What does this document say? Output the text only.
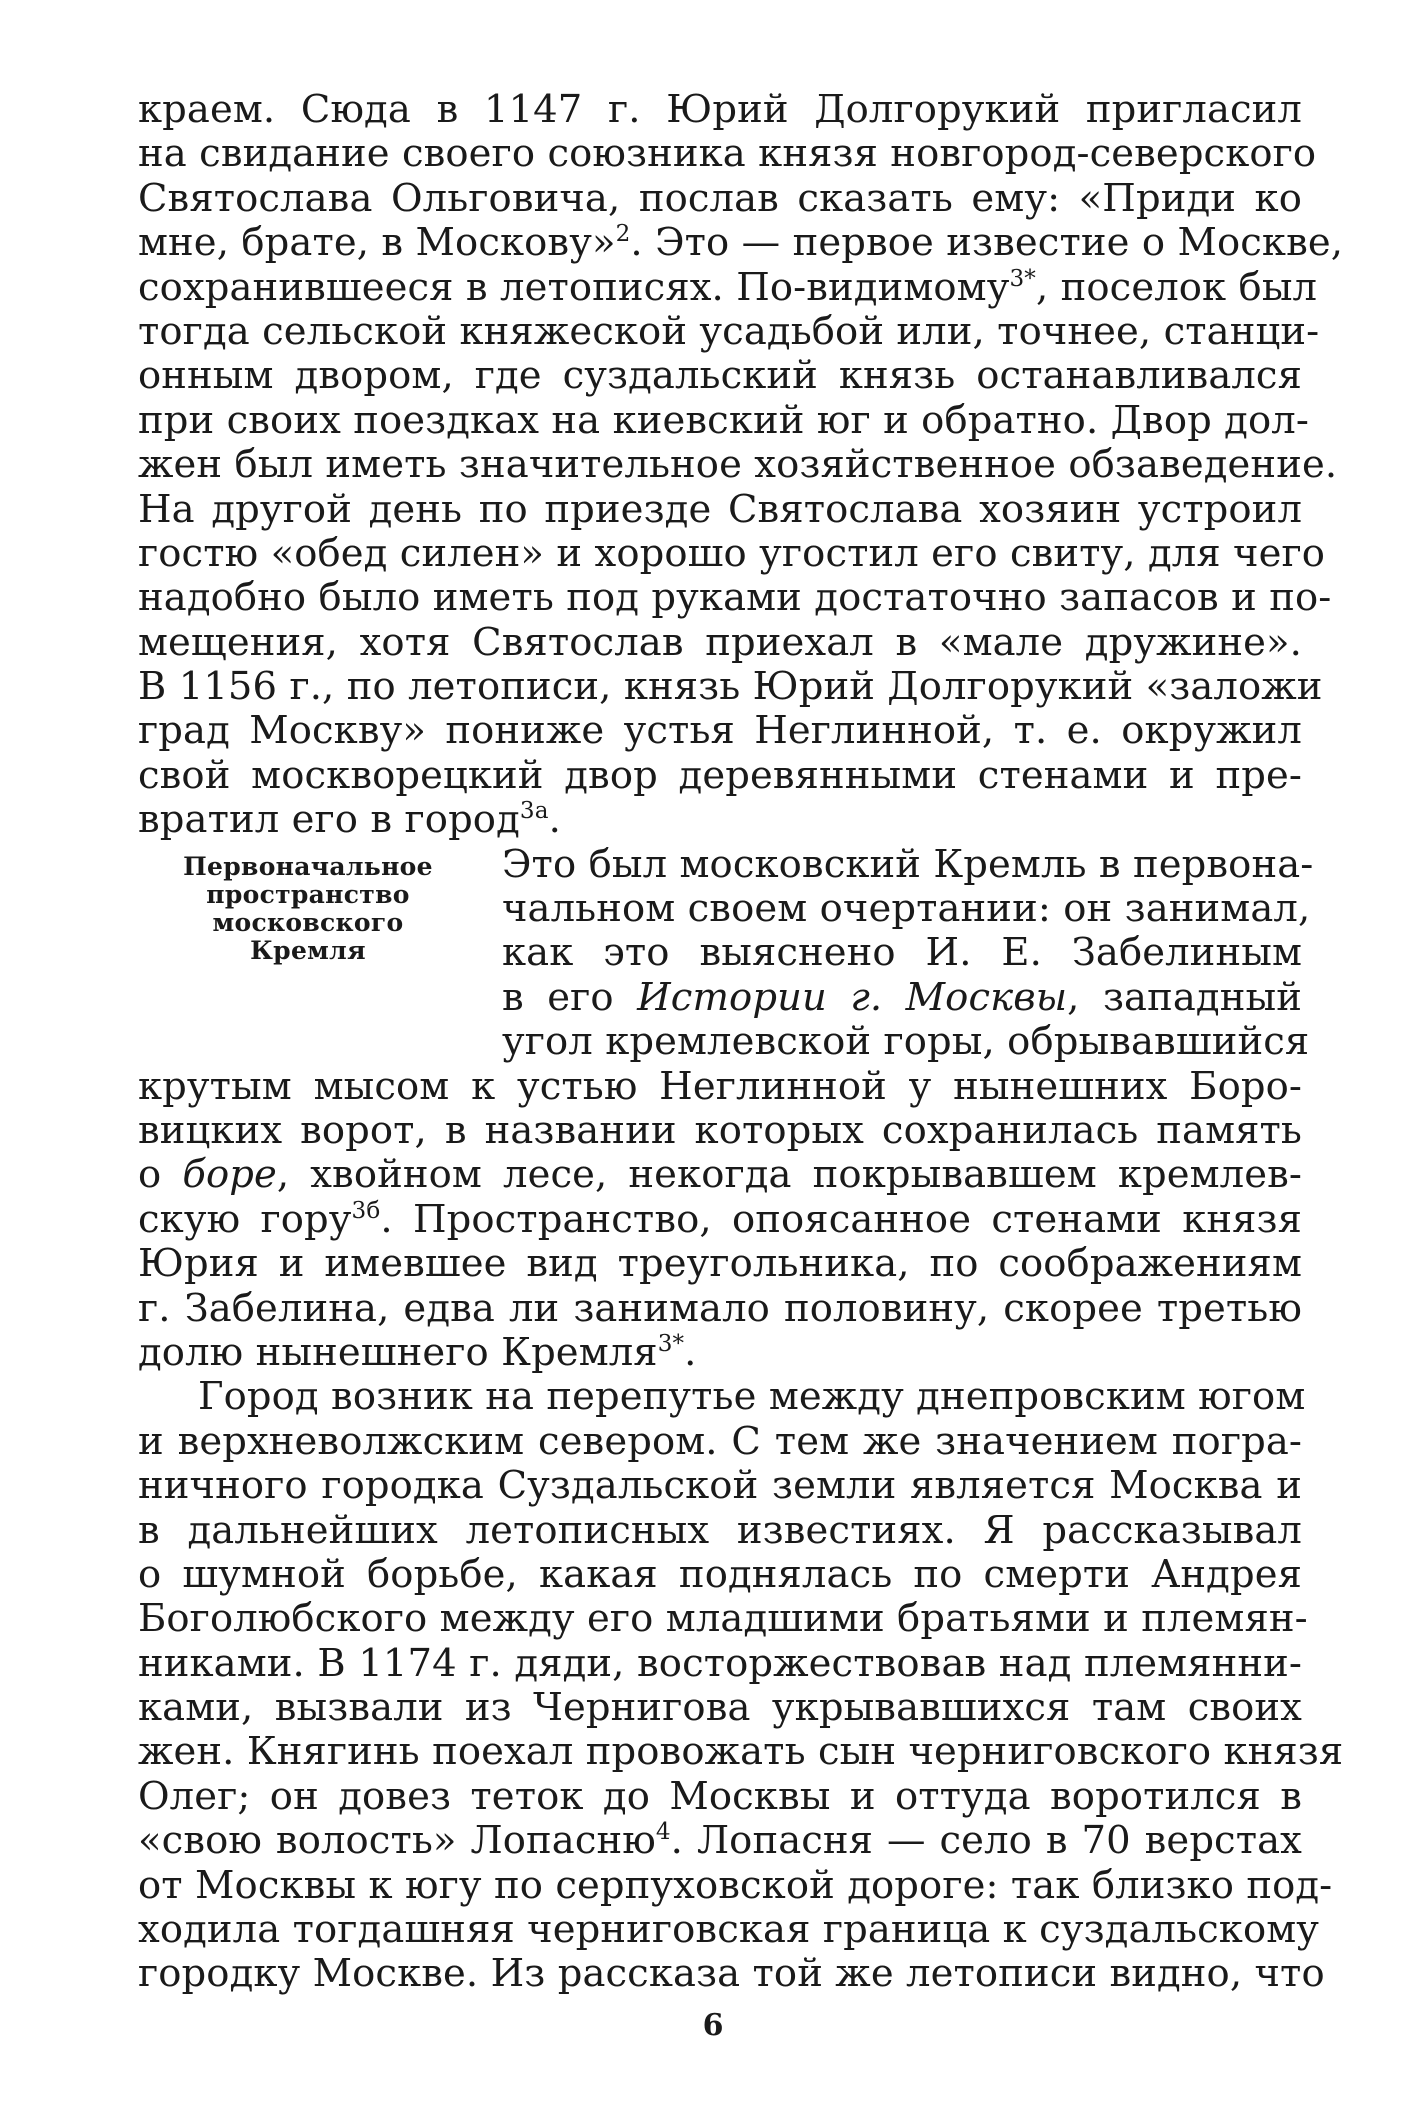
краем. Сюда в 1147 г. Юрий Долгорукий пригласил
на свидание своего союзника князя новгород-северского
Святослава Ольговича, послав сказать ему: «Приди ко
мне, брате, в Москову»$^2$. Это — первое известие о Москве,
сохранившееся в летописях. По-видимому$^{3*}$, поселок был
тогда сельской княжеской усадьбой или, точнее, станци-
онным двором, где суздальский князь останавливался
при своих поездках на киевский юг и обратно. Двор дол-
жен был иметь значительное хозяйственное обзаведение.
На другой день по приезде Святослава хозяин устроил
гостю «обед силен» и хорошо угостил его свиту, для чего
надобно было иметь под руками достаточно запасов и по-
мещения, хотя Святослав приехал в «мале дружине».
В 1156 г., по летописи, князь Юрий Долгорукий «заложи
град Москву» пониже устья Неглинной, т. е. окружил
свой москворецкий двор деревянными стенами и пре-
вратил его в город$^{3а}$.
Первоначальное
пространство
московского
Кремля
Это был московский Кремль в первона-
чальном своем очертании: он занимал,
как это выяснено И. Е. Забелиным
в его Истории г. Москвы, западный
угол кремлевской горы, обрывавшийся
крутым мысом к устью Неглинной у нынешних Боро-
вицких ворот, в названии которых сохранилась память
о боре, хвойном лесе, некогда покрывавшем кремлев-
скую гору$^{3б}$. Пространство, опоясанное стенами князя
Юрия и имевшее вид треугольника, по соображениям
г. Забелина, едва ли занимало половину, скорее третью
долю нынешнего Кремля$^{3*}$.
Город возник на перепутье между днепровским югом
и верхневолжским севером. С тем же значением погра-
ничного городка Суздальской земли является Москва и
в дальнейших летописных известиях. Я рассказывал
о шумной борьбе, какая поднялась по смерти Андрея
Боголюбского между его младшими братьями и племян-
никами. В 1174 г. дяди, восторжествовав над племянни-
ками, вызвали из Чернигова укрывавшихся там своих
жен. Княгинь поехал провожать сын черниговского князя
Олег; он довез теток до Москвы и оттуда воротился в
«свою волость» Лопасню$^4$. Лопасня — село в 70 верстах
от Москвы к югу по серпуховской дороге: так близко под-
ходила тогдашняя черниговская граница к суздальскому
городку Москве. Из рассказа той же летописи видно, что
6
